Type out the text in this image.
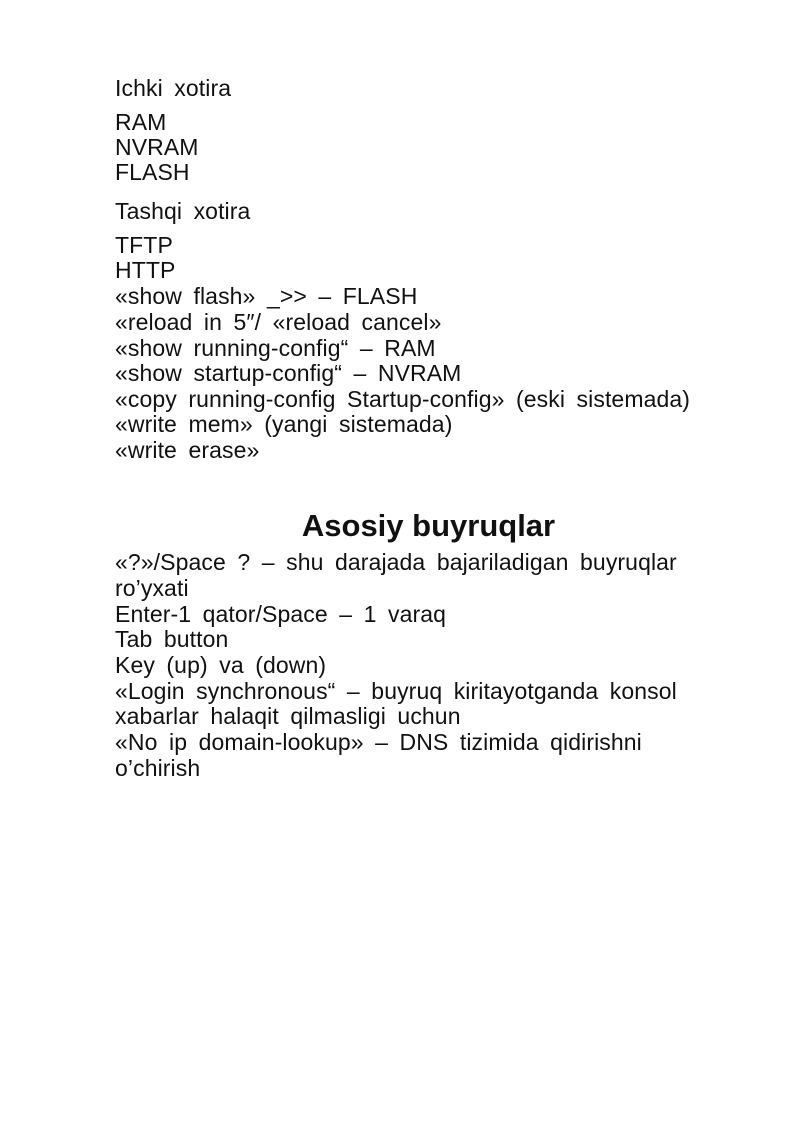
Ichki xotira
RAM
NVRAM
FLASH
Tashqi xotira
TFTP
HTTP
«show flash» _>> – FLASH
«reload in 5″/ «reload cancel»
«show running-config“ – RAM
«show startup-config“ – NVRAM
«copy running-config Startup-config» (eski sistemada)
«write mem» (yangi sistemada)
«write erase»
Asosiy buyruqlar
«?»/Space ? – shu darajada bajariladigan buyruqlar
ro’yxati
Enter-1 qator/Space – 1 varaq
Tab button
Key (up) va (down)
«Login synchronous“ – buyruq kiritayotganda konsol
xabarlar halaqit qilmasligi uchun
«No ip domain-lookup» – DNS tizimida qidirishni
o’chirish
